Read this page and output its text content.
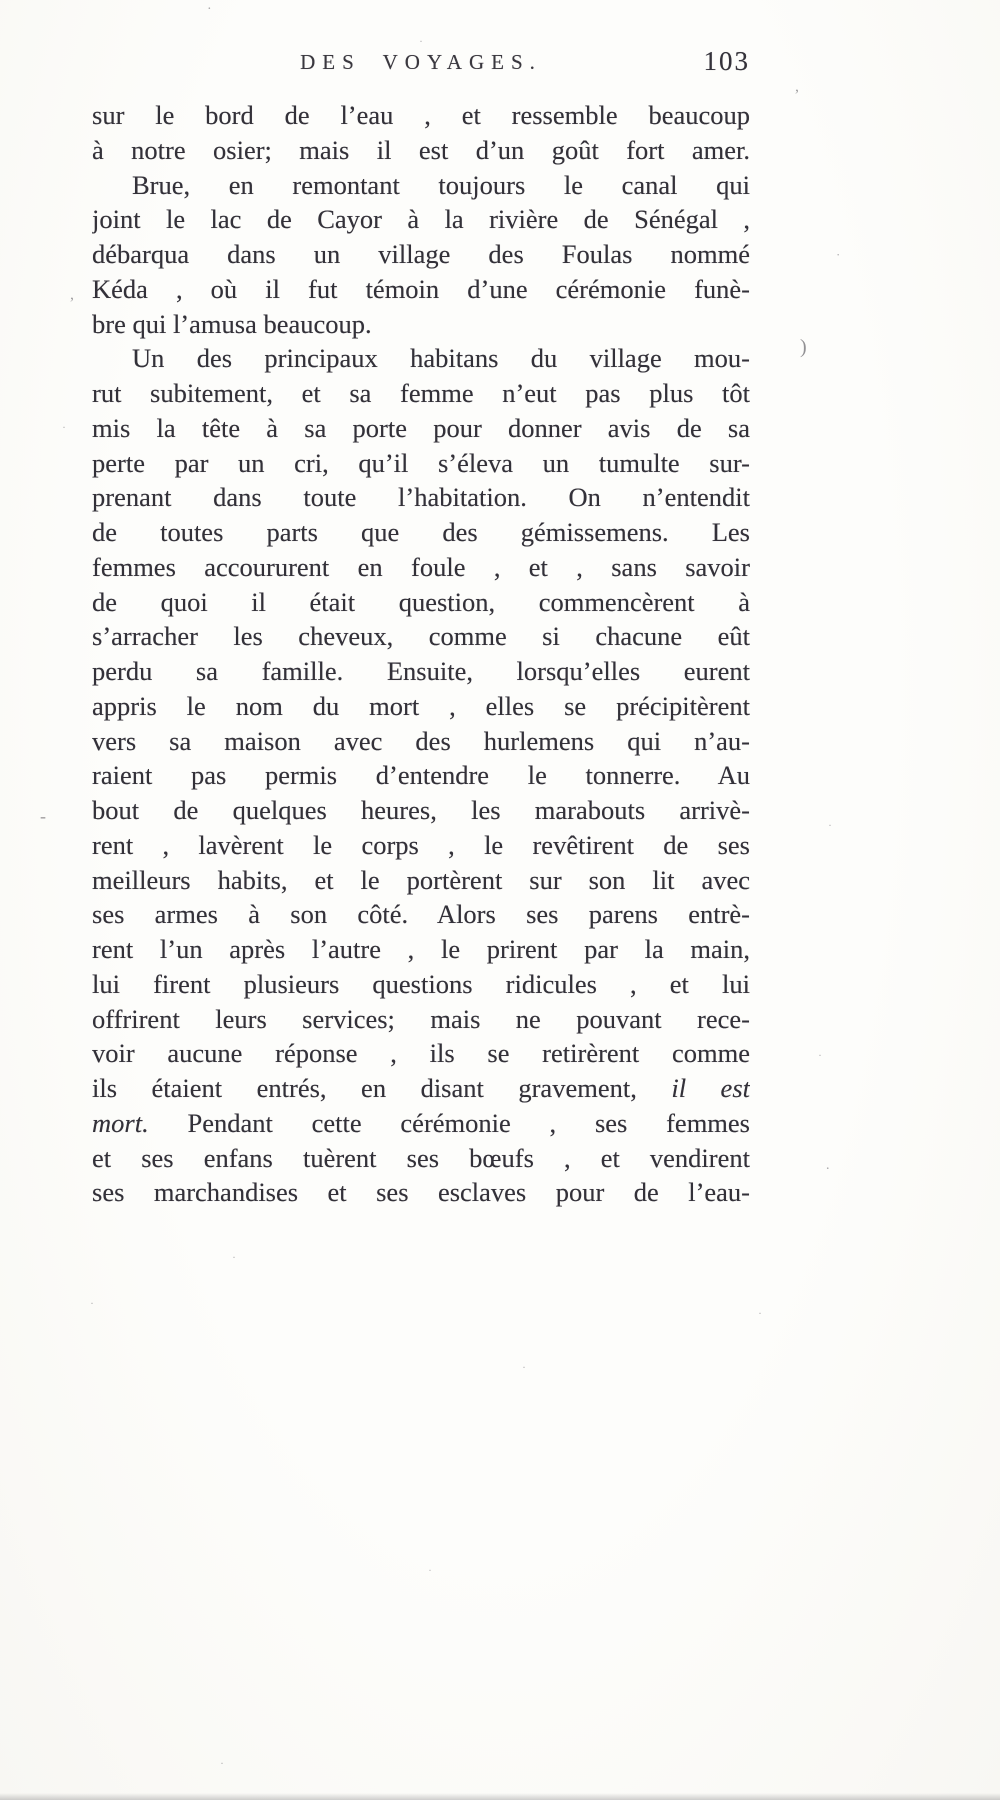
DES VOYAGES.	103
sur le bord de l’eau , et ressemble beaucoup
à notre osier; mais il est d’un goût fort amer.
Brue, en remontant toujours le canal qui
joint le lac de Cayor à la rivière de Sénégal ,
débarqua dans un village des Foulas nommé
Kéda , où il fut témoin d’une cérémonie funè-
bre qui l’amusa beaucoup.
Un des principaux habitans du village mou-
rut subitement, et sa femme n’eut pas plus tôt
mis la tête à sa porte pour donner avis de sa
perte par un cri, qu’il s’éleva un tumulte sur-
prenant dans toute l’habitation. On n’entendit
de toutes parts que des gémissemens. Les
femmes accoururent en foule , et , sans savoir
de quoi il était question, commencèrent à
s’arracher les cheveux, comme si chacune eût
perdu sa famille. Ensuite, lorsqu’elles eurent
appris le nom du mort , elles se précipitèrent
vers sa maison avec des hurlemens qui n’au-
raient pas permis d’entendre le tonnerre. Au
bout de quelques heures, les marabouts arrivè-
rent , lavèrent le corps , le revêtirent de ses
meilleurs habits, et le portèrent sur son lit avec
ses armes à son côté. Alors ses parens entrè-
rent l’un après l’autre , le prirent par la main,
lui firent plusieurs questions ridicules , et lui
offrirent leurs services; mais ne pouvant rece-
voir aucune réponse , ils se retirèrent comme
ils étaient entrés, en disant gravement, il est
mort. Pendant cette cérémonie , ses femmes
et ses enfans tuèrent ses bœufs , et vendirent
ses marchandises et ses esclaves pour de l’eau-
·
·
,
·
,
)
·
-	·
·
.
·
·
·
·
·
·
